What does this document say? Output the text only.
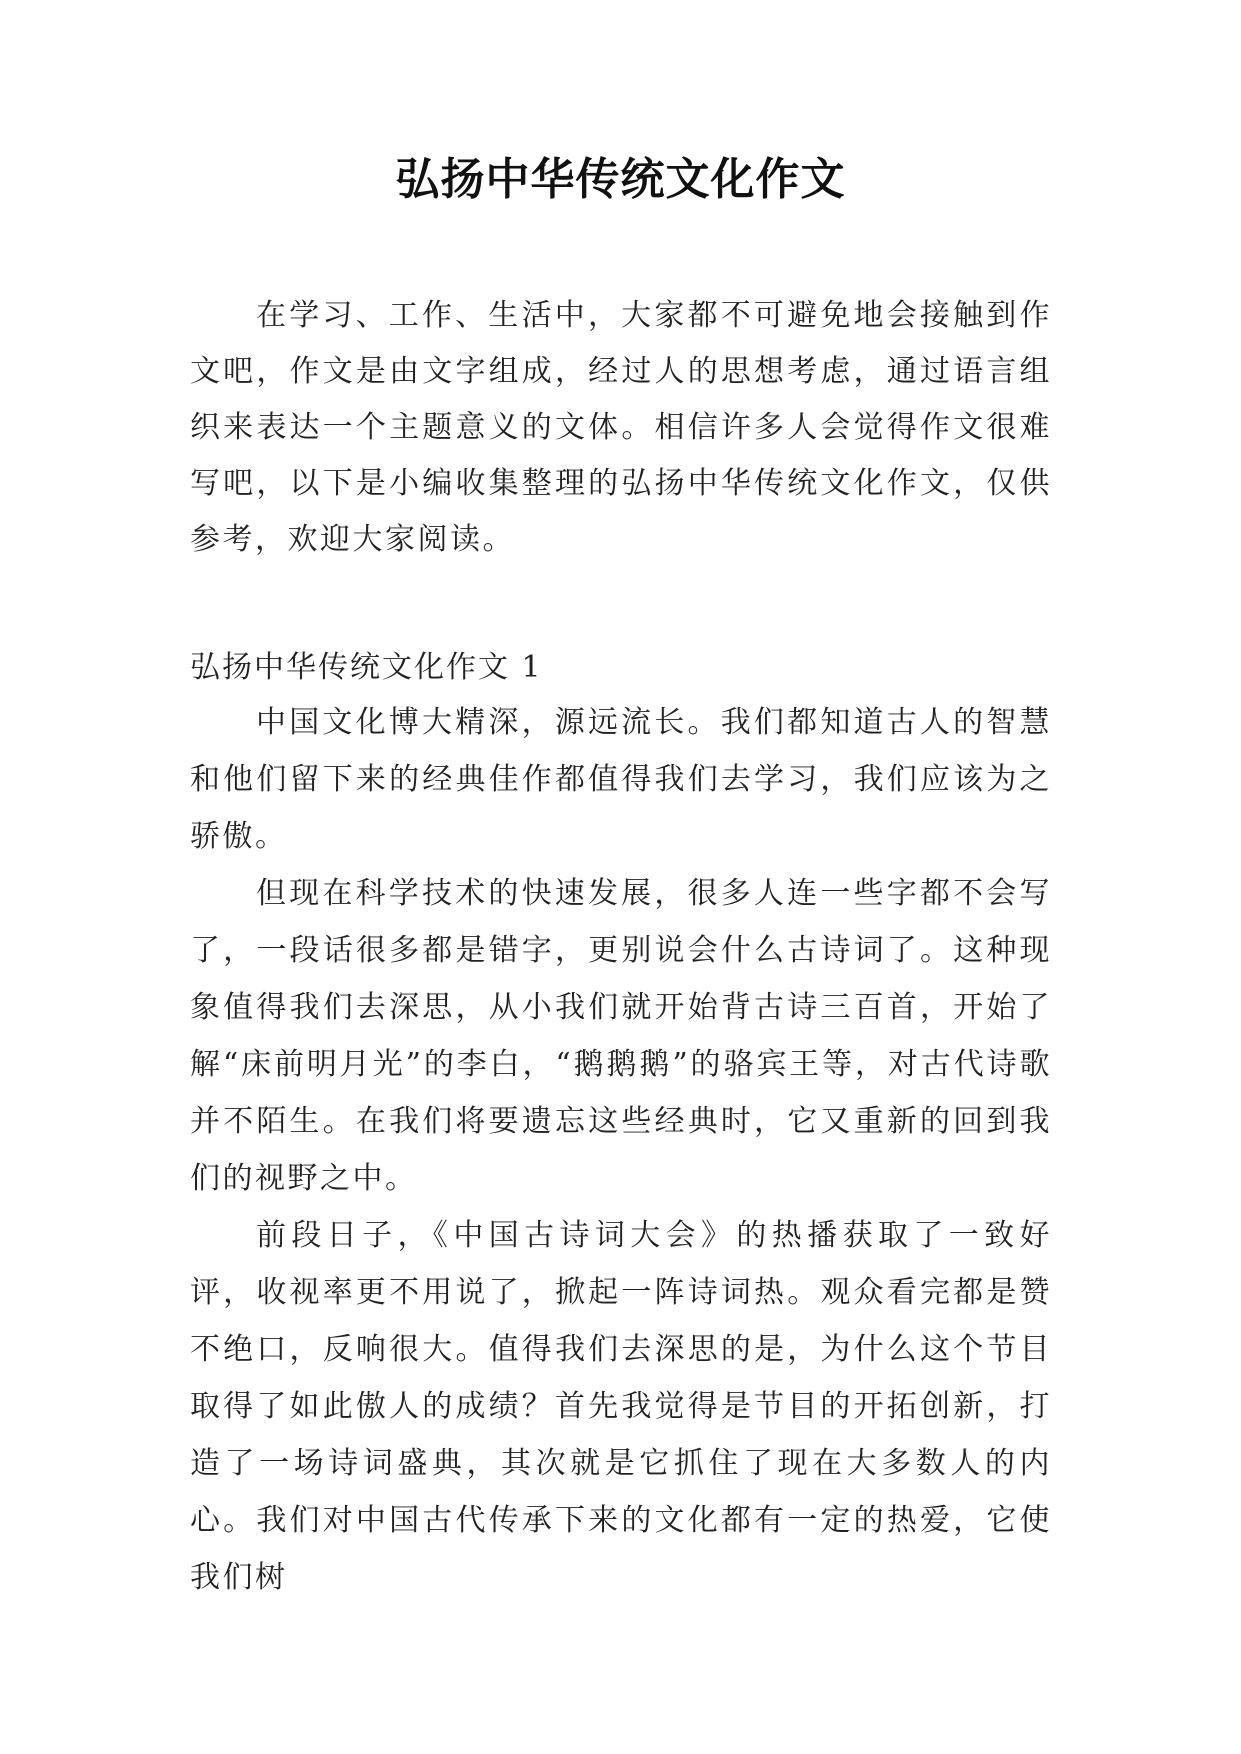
弘扬中华传统文化作文
在学习、工作、生活中，大家都不可避免地会接触到作文吧，作文是由文字组成，经过人的思想考虑，通过语言组织来表达一个主题意义的文体。相信许多人会觉得作文很难写吧，以下是小编收集整理的弘扬中华传统文化作文，仅供参考，欢迎大家阅读。
弘扬中华传统文化作文 1

中国文化博大精深，源远流长。我们都知道古人的智慧和他们留下来的经典佳作都值得我们去学习，我们应该为之骄傲。

但现在科学技术的快速发展，很多人连一些字都不会写了，一段话很多都是错字，更别说会什么古诗词了。这种现象值得我们去深思，从小我们就开始背古诗三百首，开始了解“床前明月光”的李白，“鹅鹅鹅”的骆宾王等，对古代诗歌并不陌生。在我们将要遗忘这些经典时，它又重新的回到我们的视野之中。

前段日子，《中国古诗词大会》的热播获取了一致好评，收视率更不用说了，掀起一阵诗词热。观众看完都是赞不绝口，反响很大。值得我们去深思的是，为什么这个节目取得了如此傲人的成绩？首先我觉得是节目的开拓创新，打造了一场诗词盛典，其次就是它抓住了现在大多数人的内心。我们对中国古代传承下来的文化都有一定的热爱，它使我们树
